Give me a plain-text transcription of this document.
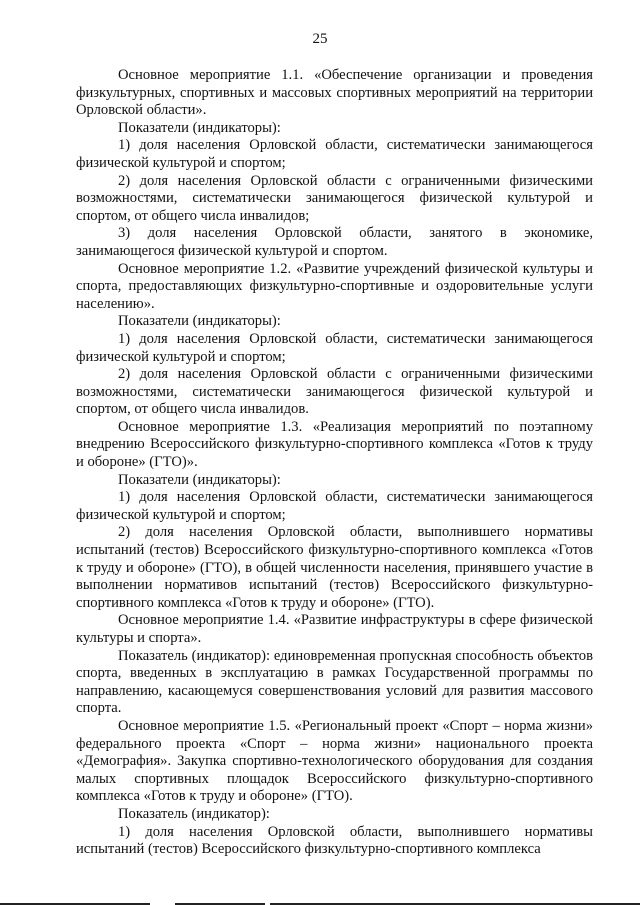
25

Основное мероприятие 1.1. «Обеспечение организации и проведения физкультурных, спортивных и массовых спортивных мероприятий на территории Орловской области».

Показатели (индикаторы):

1) доля населения Орловской области, систематически занимающегося физической культурой и спортом;

2) доля населения Орловской области с ограниченными физическими возможностями, систематически занимающегося физической культурой и спортом, от общего числа инвалидов;

3) доля населения Орловской области, занятого в экономике, занимающегося физической культурой и спортом.

Основное мероприятие 1.2. «Развитие учреждений физической культуры и спорта, предоставляющих физкультурно-спортивные и оздоровительные услуги населению».

Показатели (индикаторы):

1) доля населения Орловской области, систематически занимающегося физической культурой и спортом;

2) доля населения Орловской области с ограниченными физическими возможностями, систематически занимающегося физической культурой и спортом, от общего числа инвалидов.

Основное мероприятие 1.3. «Реализация мероприятий по поэтапному внедрению Всероссийского физкультурно-спортивного комплекса «Готов к труду и обороне» (ГТО)».

Показатели (индикаторы):

1) доля населения Орловской области, систематически занимающегося физической культурой и спортом;

2) доля населения Орловской области, выполнившего нормативы испытаний (тестов) Всероссийского физкультурно-спортивного комплекса «Готов к труду и обороне» (ГТО), в общей численности населения, принявшего участие в выполнении нормативов испытаний (тестов) Всероссийского физкультурно-спортивного комплекса «Готов к труду и обороне» (ГТО).

Основное мероприятие 1.4. «Развитие инфраструктуры в сфере физической культуры и спорта».

Показатель (индикатор): единовременная пропускная способность объектов спорта, введенных в эксплуатацию в рамках Государственной программы по направлению, касающемуся совершенствования условий для развития массового спорта.

Основное мероприятие 1.5. «Региональный проект «Спорт – норма жизни» федерального проекта «Спорт – норма жизни» национального проекта «Демография». Закупка спортивно-технологического оборудования для создания малых спортивных площадок Всероссийского физкультурно-спортивного комплекса «Готов к труду и обороне» (ГТО).

Показатель (индикатор):

1) доля населения Орловской области, выполнившего нормативы испытаний (тестов) Всероссийского физкультурно-спортивного комплекса
